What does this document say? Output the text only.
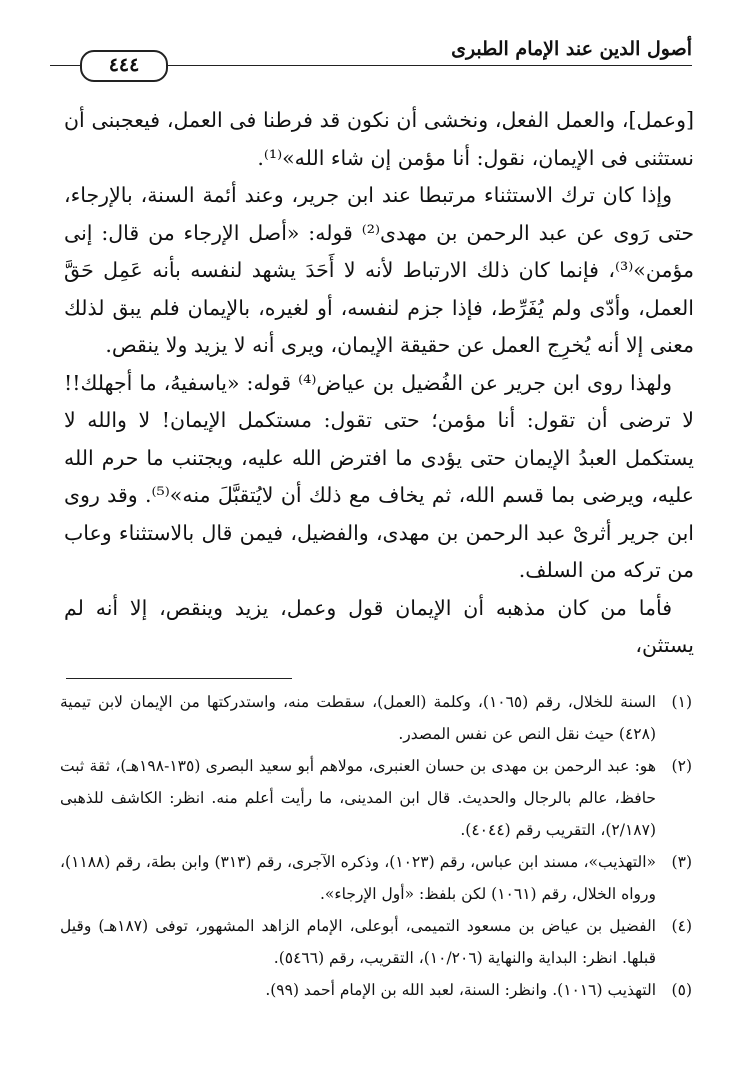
أصول الدين عند الإمام الطبرى
٤٤٤

[وعمل]، والعمل الفعل، ونخشى أن نكون قد فرطنا فى العمل، فيعجبنى أن نستثنى فى الإيمان، نقول: أنا مؤمن إن شاء الله»⁽¹⁾.

وإذا كان ترك الاستثناء مرتبطا عند ابن جرير، وعند أئمة السنة، بالإرجاء، حتى رَوى عن عبد الرحمن بن مهدى⁽²⁾ قوله: «أصل الإرجاء من قال: إنى مؤمن»⁽³⁾، فإنما كان ذلك الارتباط لأنه لا أَحَدَ يشهد لنفسه بأنه عَمِل حَقَّ العمل، وأدّى ولم يُفَرِّط، فإذا جزم لنفسه، أو لغيره، بالإيمان فلم يبق لذلك معنى إلا أنه يُخرِج العمل عن حقيقة الإيمان، ويرى أنه لا يزيد ولا ينقص.

ولهذا روى ابن جرير عن الفُضيل بن عياض⁽⁴⁾ قوله: «ياسفيهُ، ما أجهلك!! لا ترضى أن تقول: أنا مؤمن؛ حتى تقول: مستكمل الإيمان! لا والله لا يستكمل العبدُ الإيمان حتى يؤدى ما افترض الله عليه، ويجتنب ما حرم الله عليه، ويرضى بما قسم الله، ثم يخاف مع ذلك أن لايُتقبَّلَ منه»⁽⁵⁾. وقد روى ابن جرير أثرىْ عبد الرحمن بن مهدى، والفضيل، فيمن قال بالاستثناء وعاب من تركه من السلف.

فأما من كان مذهبه أن الإيمان قول وعمل، يزيد وينقص، إلا أنه لم يستثن،

(١)
السنة للخلال، رقم (١٠٦٥)، وكلمة (العمل)، سقطت منه، واستدركتها من الإيمان لابن تيمية (٤٢٨) حيث نقل النص عن نفس المصدر.
(٢)
هو: عبد الرحمن بن مهدى بن حسان العنبرى، مولاهم أبو سعيد البصرى (١٣٥-١٩٨هـ)، ثقة ثبت حافظ، عالم بالرجال والحديث. قال ابن المدينى، ما رأيت أعلم منه. انظر: الكاشف للذهبى (٢/١٨٧)، التقريب رقم (٤٠٤٤).
(٣)
«التهذيب»، مسند ابن عباس، رقم (١٠٢٣)، وذكره الآجرى، رقم (٣١٣) وابن بطة، رقم (١١٨٨)، ورواه الخلال، رقم (١٠٦١) لكن بلفظ: «أول الإرجاء».
(٤)
الفضيل بن عياض بن مسعود التميمى، أبوعلى، الإمام الزاهد المشهور، توفى (١٨٧هـ) وقيل قبلها. انظر: البداية والنهاية (١٠/٢٠٦)، التقريب، رقم (٥٤٦٦).
(٥)
التهذيب (١٠١٦). وانظر: السنة، لعبد الله بن الإمام أحمد (٩٩).
